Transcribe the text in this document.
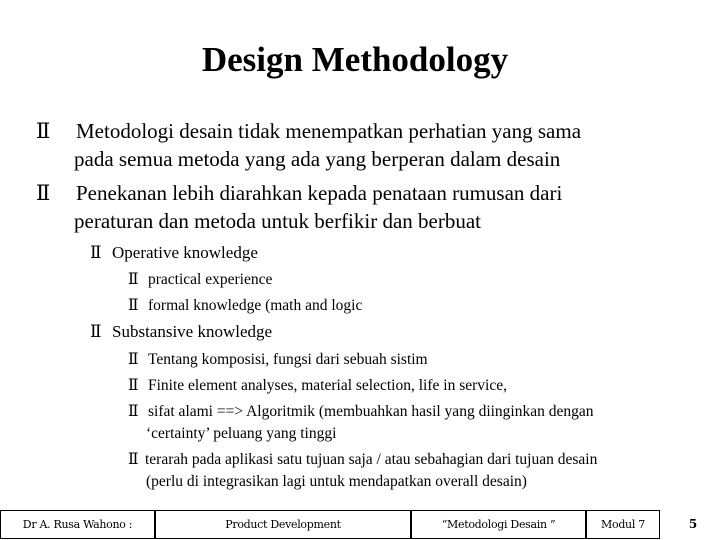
Design Methodology
Ⅱ Metodologi desain tidak menempatkan perhatian yang sama
pada semua metoda yang ada yang berperan dalam desain
Ⅱ Penekanan lebih diarahkan kepada penataan rumusan dari
peraturan dan metoda untuk berfikir dan berbuat
Ⅱ Operative knowledge
Ⅱ practical experience
Ⅱ formal knowledge (math and logic
Ⅱ Substansive knowledge
Ⅱ Tentang komposisi, fungsi dari sebuah sistim
Ⅱ Finite element analyses, material selection, life in service,
Ⅱ sifat alami ==> Algoritmik (membuahkan hasil yang diinginkan dengan
‘certainty’ peluang yang tinggi
Ⅱ terarah pada aplikasi satu tujuan saja / atau sebahagian dari tujuan desain
(perlu di integrasikan lagi untuk mendapatkan overall desain)
Dr A. Rusa Wahono :	Product Development	“Metodologi Desain ”	Modul 7	5
